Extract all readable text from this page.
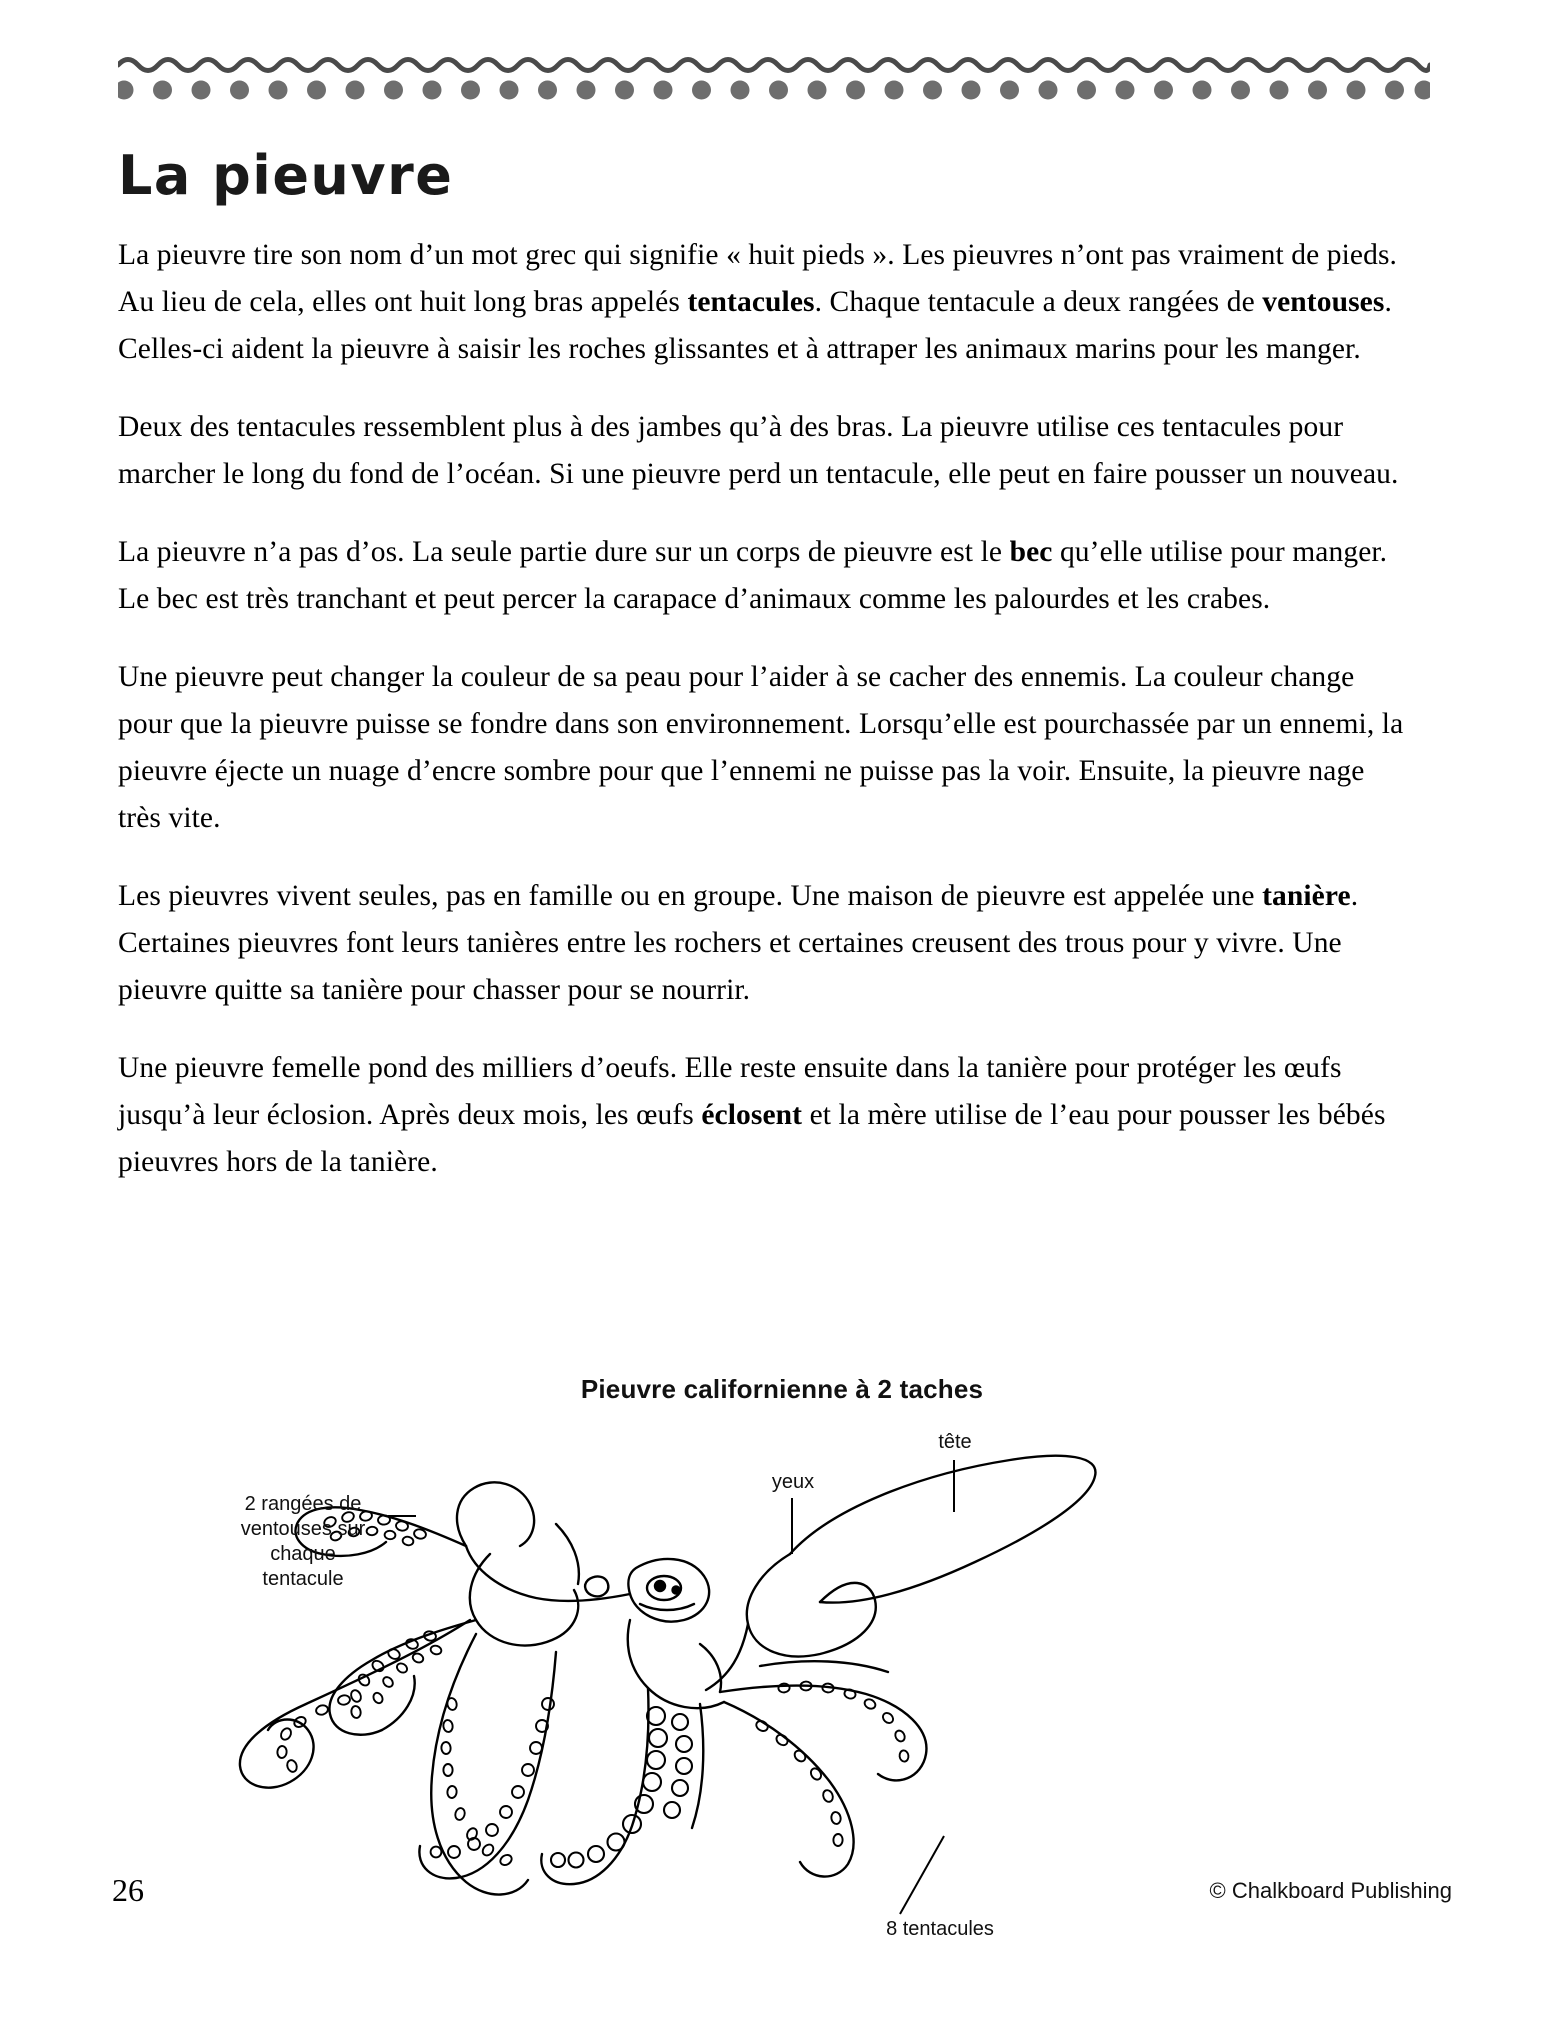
La pieuvre

La pieuvre tire son nom d’un mot grec qui signifie « huit pieds ». Les pieuvres n’ont pas vraiment de pieds. Au lieu de cela, elles ont huit long bras appelés tentacules. Chaque tentacule a deux rangées de ventouses. Celles-ci aident la pieuvre à saisir les roches glissantes et à attraper les animaux marins pour les manger.

Deux des tentacules ressemblent plus à des jambes qu’à des bras. La pieuvre utilise ces tentacules pour marcher le long du fond de l’océan. Si une pieuvre perd un tentacule, elle peut en faire pousser un nouveau.

La pieuvre n’a pas d’os. La seule partie dure sur un corps de pieuvre est le bec qu’elle utilise pour manger. Le bec est très tranchant et peut percer la carapace d’animaux comme les palourdes et les crabes.

Une pieuvre peut changer la couleur de sa peau pour l’aider à se cacher des ennemis. La couleur change pour que la pieuvre puisse se fondre dans son environnement. Lorsqu’elle est pourchassée par un ennemi, la pieuvre éjecte un nuage d’encre sombre pour que l’ennemi ne puisse pas la voir. Ensuite, la pieuvre nage très vite.

Les pieuvres vivent seules, pas en famille ou en groupe. Une maison de pieuvre est appelée une tanière. Certaines pieuvres font leurs tanières entre les rochers et certaines creusent des trous pour y vivre. Une pieuvre quitte sa tanière pour chasser pour se nourrir.

Une pieuvre femelle pond des milliers d’oeufs. Elle reste ensuite dans la tanière pour protéger les œufs jusqu’à leur éclosion. Après deux mois, les œufs éclosent et la mère utilise de l’eau pour pousser les bébés pieuvres hors de la tanière.

Pieuvre californienne à 2 taches
2 rangées de
ventouses sur
chaque tentacule
yeux
tête
8 tentacules
26	© Chalkboard Publishing
